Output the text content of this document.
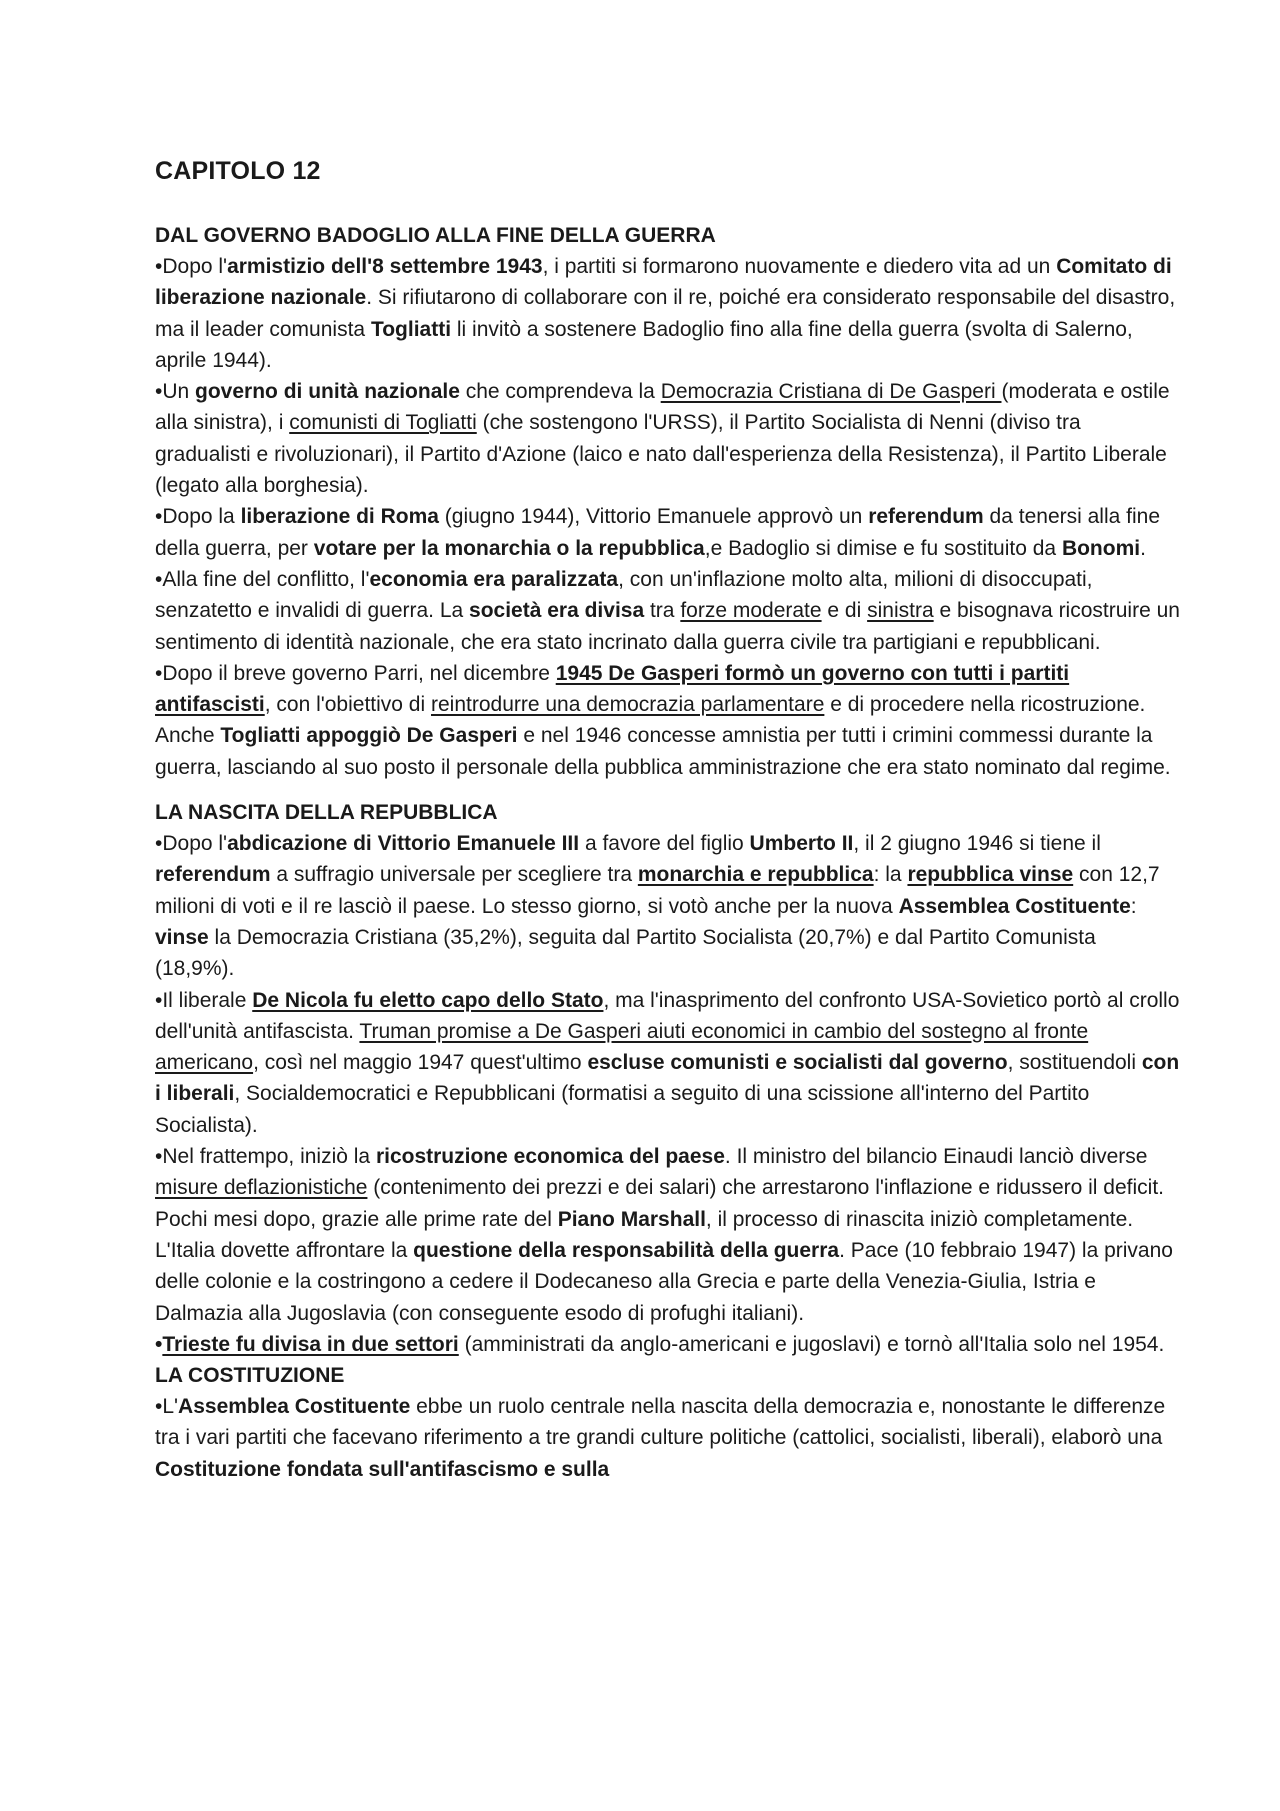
CAPITOLO 12
DAL GOVERNO BADOGLIO ALLA FINE DELLA GUERRA

•Dopo l'armistizio dell'8 settembre 1943, i partiti si formarono nuovamente e diedero vita ad un Comitato di liberazione nazionale. Si rifiutarono di collaborare con il re, poiché era considerato responsabile del disastro, ma il leader comunista Togliatti li invitò a sostenere Badoglio fino alla fine della guerra (svolta di Salerno, aprile 1944).

•Un governo di unità nazionale che comprendeva la Democrazia Cristiana di De Gasperi (moderata e ostile alla sinistra), i comunisti di Togliatti (che sostengono l'URSS), il Partito Socialista di Nenni (diviso tra gradualisti e rivoluzionari), il Partito d'Azione (laico e nato dall'esperienza della Resistenza), il Partito Liberale (legato alla borghesia).

•Dopo la liberazione di Roma (giugno 1944), Vittorio Emanuele approvò un referendum da tenersi alla fine della guerra, per votare per la monarchia o la repubblica,e Badoglio si dimise e fu sostituito da Bonomi.

•Alla fine del conflitto, l'economia era paralizzata, con un'inflazione molto alta, milioni di disoccupati, senzatetto e invalidi di guerra. La società era divisa tra forze moderate e di sinistra e bisognava ricostruire un sentimento di identità nazionale, che era stato incrinato dalla guerra civile tra partigiani e repubblicani.

•Dopo il breve governo Parri, nel dicembre 1945 De Gasperi formò un governo con tutti i partiti antifascisti, con l'obiettivo di reintrodurre una democrazia parlamentare e di procedere nella ricostruzione. Anche Togliatti appoggiò De Gasperi e nel 1946 concesse amnistia per tutti i crimini commessi durante la guerra, lasciando al suo posto il personale della pubblica amministrazione che era stato nominato dal regime.

LA NASCITA DELLA REPUBBLICA

•Dopo l'abdicazione di Vittorio Emanuele III a favore del figlio Umberto II, il 2 giugno 1946 si tiene il referendum a suffragio universale per scegliere tra monarchia e repubblica: la repubblica vinse con 12,7 milioni di voti e il re lasciò il paese. Lo stesso giorno, si votò anche per la nuova Assemblea Costituente: vinse la Democrazia Cristiana (35,2%), seguita dal Partito Socialista (20,7%) e dal Partito Comunista (18,9%).

•Il liberale De Nicola fu eletto capo dello Stato, ma l'inasprimento del confronto USA-Sovietico portò al crollo dell'unità antifascista. Truman promise a De Gasperi aiuti economici in cambio del sostegno al fronte americano, così nel maggio 1947 quest'ultimo escluse comunisti e socialisti dal governo, sostituendoli con i liberali, Socialdemocratici e Repubblicani (formatisi a seguito di una scissione all'interno del Partito Socialista).

•Nel frattempo, iniziò la ricostruzione economica del paese. Il ministro del bilancio Einaudi lanciò diverse misure deflazionistiche (contenimento dei prezzi e dei salari) che arrestarono l'inflazione e ridussero il deficit. Pochi mesi dopo, grazie alle prime rate del Piano Marshall, il processo di rinascita iniziò completamente. L'Italia dovette affrontare la questione della responsabilità della guerra. Pace (10 febbraio 1947) la privano delle colonie e la costringono a cedere il Dodecaneso alla Grecia e parte della Venezia-Giulia, Istria e Dalmazia alla Jugoslavia (con conseguente esodo di profughi italiani).

•Trieste fu divisa in due settori (amministrati da anglo-americani e jugoslavi) e tornò all'Italia solo nel 1954.

LA COSTITUZIONE

•L'Assemblea Costituente ebbe un ruolo centrale nella nascita della democrazia e, nonostante le differenze tra i vari partiti che facevano riferimento a tre grandi culture politiche (cattolici, socialisti, liberali), elaborò una Costituzione fondata sull'antifascismo e sulla
